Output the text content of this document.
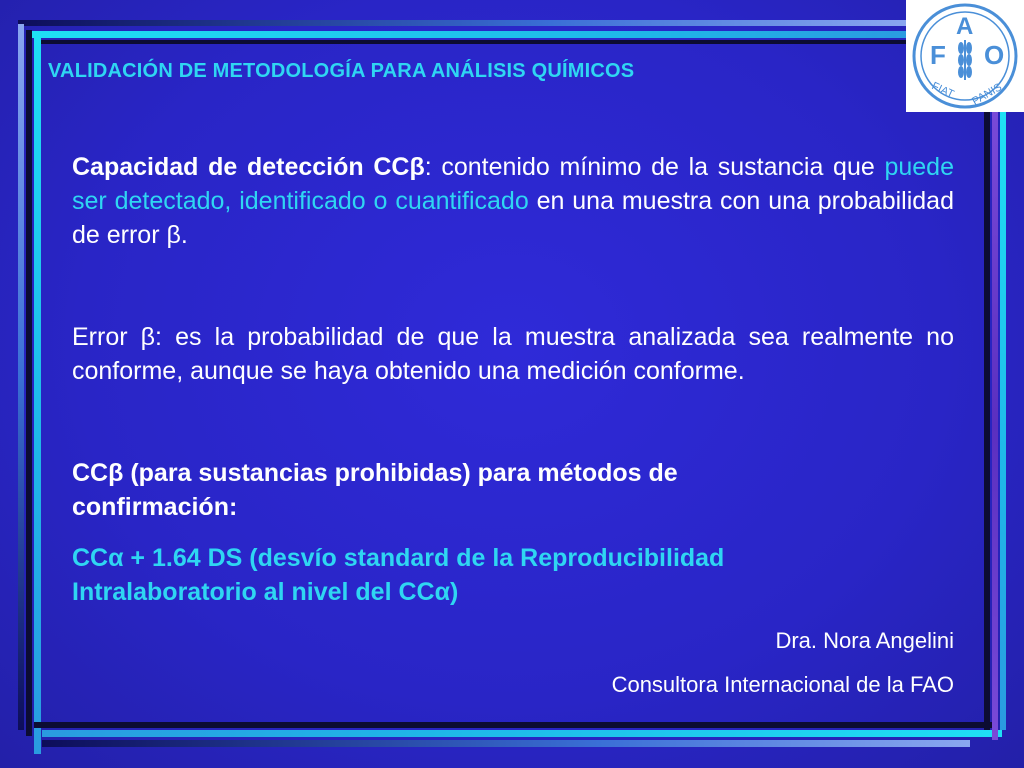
F
A
O
FIAT PANIS
VALIDACIÓN DE METODOLOGÍA PARA ANÁLISIS QUÍMICOS
Capacidad de detección CCβ: contenido mínimo de la sustancia que puede ser detectado, identificado o cuantificado en una muestra con una probabilidad de error β.
Error β: es la probabilidad de que la muestra analizada sea realmente no conforme, aunque se haya obtenido una medición conforme.
CCβ (para sustancias prohibidas) para métodos de confirmación:
CCα + 1.64 DS (desvío standard de la Reproducibilidad Intralaboratorio al nivel del CCα)
Dra. Nora Angelini
Consultora Internacional de la FAO
